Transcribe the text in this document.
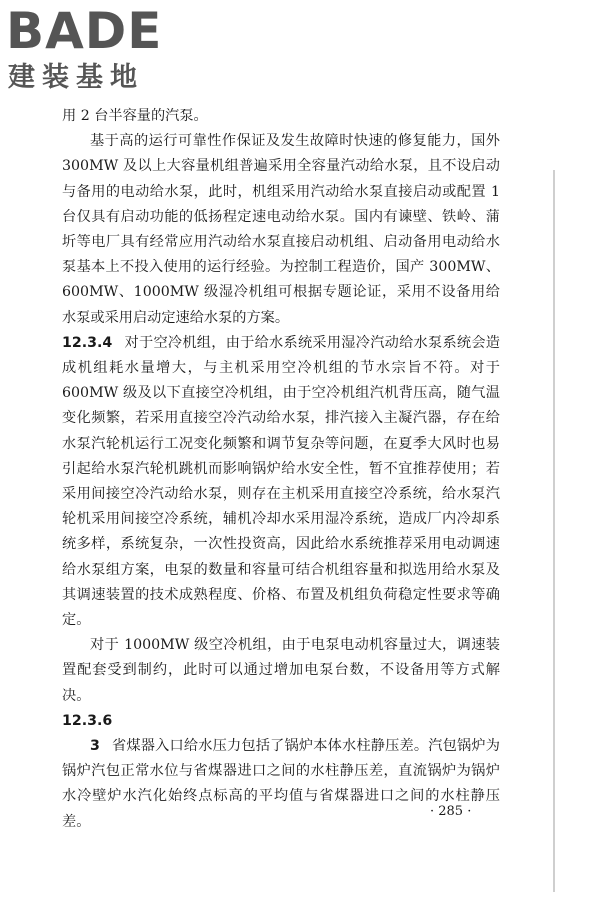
BADE
建装基地

用 2 台半容量的汽泵。

基于高的运行可靠性作保证及发生故障时快速的修复能力，国外 300MW 及以上大容量机组普遍采用全容量汽动给水泵，且不设启动与备用的电动给水泵，此时，机组采用汽动给水泵直接启动或配置 1 台仅具有启动功能的低扬程定速电动给水泵。国内有谏壁、铁岭、蒲圻等电厂具有经常应用汽动给水泵直接启动机组、启动备用电动给水泵基本上不投入使用的运行经验。为控制工程造价，国产 300MW、600MW、1000MW 级湿冷机组可根据专题论证，采用不设备用给水泵或采用启动定速给水泵的方案。

12.3.4 对于空冷机组，由于给水系统采用湿冷汽动给水泵系统会造成机组耗水量增大，与主机采用空冷机组的节水宗旨不符。对于 600MW 级及以下直接空冷机组，由于空冷机组汽机背压高，随气温变化频繁，若采用直接空冷汽动给水泵，排汽接入主凝汽器，存在给水泵汽轮机运行工况变化频繁和调节复杂等问题，在夏季大风时也易引起给水泵汽轮机跳机而影响锅炉给水安全性，暂不宜推荐使用；若采用间接空冷汽动给水泵，则存在主机采用直接空冷系统，给水泵汽轮机采用间接空冷系统，辅机冷却水采用湿冷系统，造成厂内冷却系统多样，系统复杂，一次性投资高，因此给水系统推荐采用电动调速给水泵组方案，电泵的数量和容量可结合机组容量和拟选用给水泵及其调速装置的技术成熟程度、价格、布置及机组负荷稳定性要求等确定。

对于 1000MW 级空冷机组，由于电泵电动机容量过大，调速装置配套受到制约，此时可以通过增加电泵台数，不设备用等方式解决。

12.3.6

3 省煤器入口给水压力包括了锅炉本体水柱静压差。汽包锅炉为锅炉汽包正常水位与省煤器进口之间的水柱静压差，直流锅炉为锅炉水冷壁炉水汽化始终点标高的平均值与省煤器进口之间的水柱静压差。

· 285 ·
